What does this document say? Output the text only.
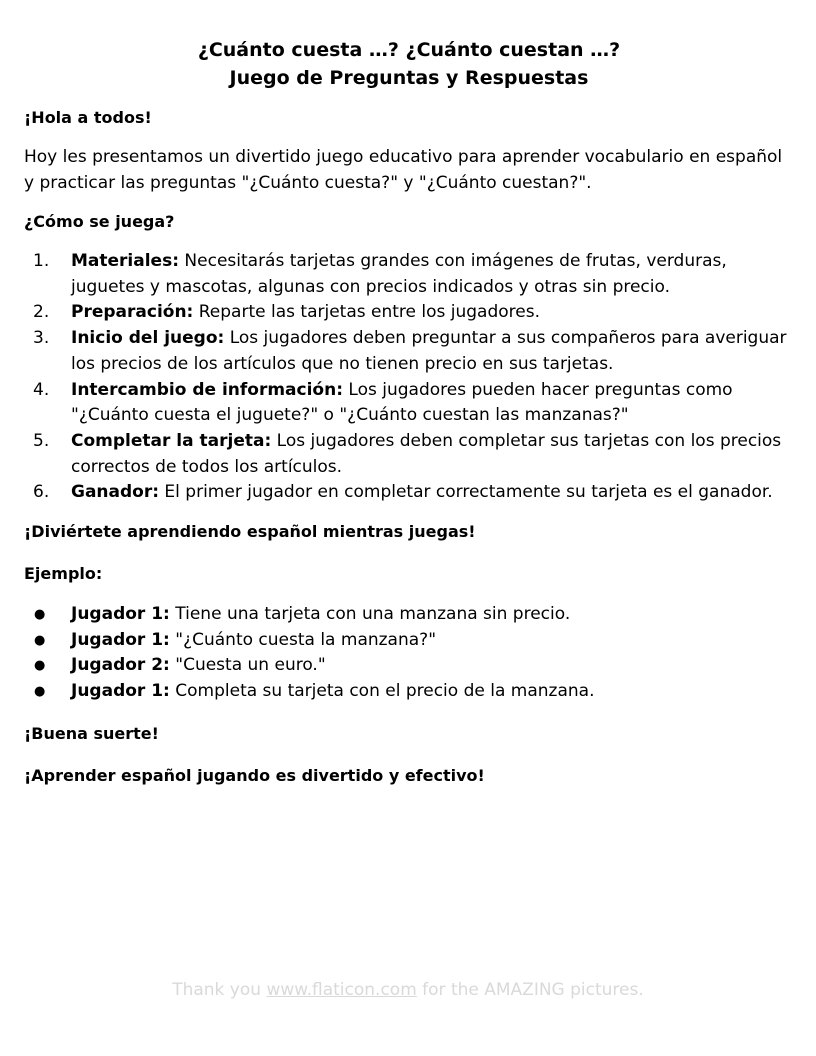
¿Cuánto cuesta …? ¿Cuánto cuestan …?
Juego de Preguntas y Respuestas

¡Hola a todos!

Hoy les presentamos un divertido juego educativo para aprender vocabulario en español y practicar las preguntas "¿Cuánto cuesta?" y "¿Cuánto cuestan?".

¿Cómo se juega?

1. Materiales: Necesitarás tarjetas grandes con imágenes de frutas, verduras, juguetes y mascotas, algunas con precios indicados y otras sin precio.
2. Preparación: Reparte las tarjetas entre los jugadores.
3. Inicio del juego: Los jugadores deben preguntar a sus compañeros para averiguar los precios de los artículos que no tienen precio en sus tarjetas.
4. Intercambio de información: Los jugadores pueden hacer preguntas como "¿Cuánto cuesta el juguete?" o "¿Cuánto cuestan las manzanas?"
5. Completar la tarjeta: Los jugadores deben completar sus tarjetas con los precios correctos de todos los artículos.
6. Ganador: El primer jugador en completar correctamente su tarjeta es el ganador.

¡Diviértete aprendiendo español mientras juegas!

Ejemplo:

● Jugador 1: Tiene una tarjeta con una manzana sin precio.
● Jugador 1: "¿Cuánto cuesta la manzana?"
● Jugador 2: "Cuesta un euro."
● Jugador 1: Completa su tarjeta con el precio de la manzana.

¡Buena suerte!

¡Aprender español jugando es divertido y efectivo!

Thank you www.flaticon.com for the AMAZING pictures.
